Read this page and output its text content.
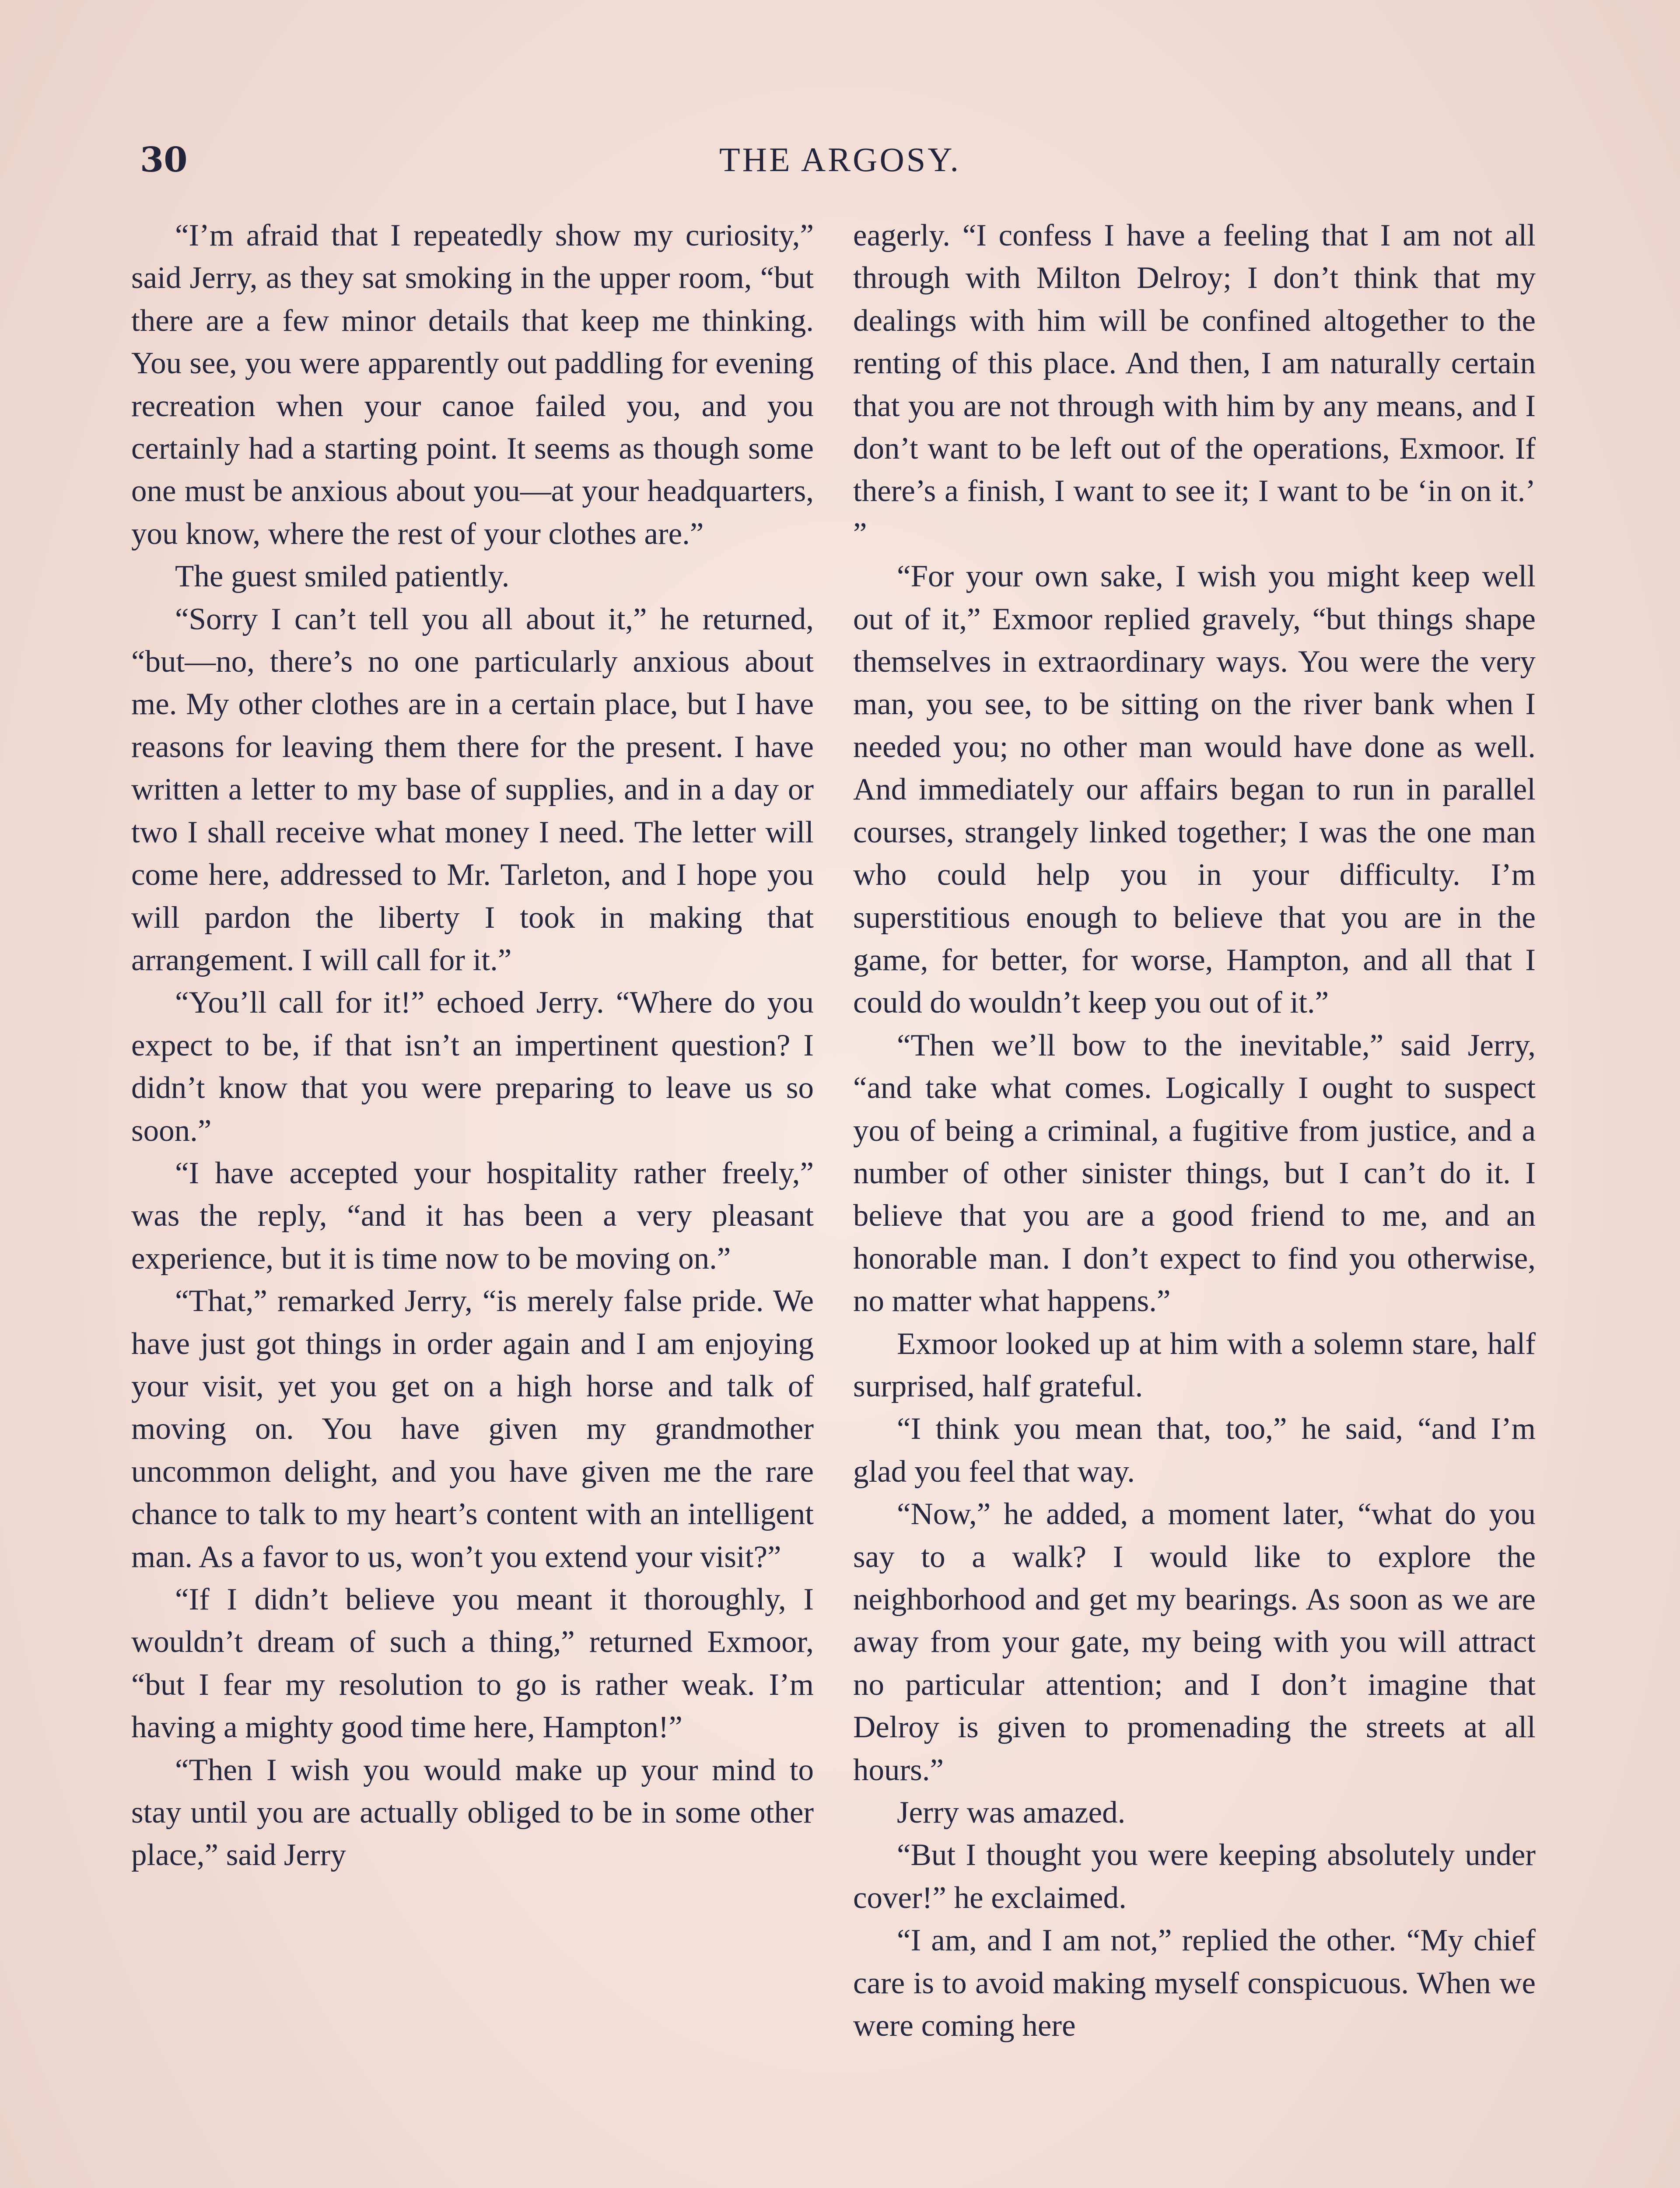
30	THE ARGOSY.

“I’m afraid that I repeatedly show my curiosity,” said Jerry, as they sat smoking in the upper room, “but there are a few minor details that keep me thinking. You see, you were apparently out paddling for evening recreation when your canoe failed you, and you certainly had a starting point. It seems as though some one must be anxious about you—at your headquarters, you know, where the rest of your clothes are.”

The guest smiled patiently.

“Sorry I can’t tell you all about it,” he returned, “but—no, there’s no one particularly anxious about me. My other clothes are in a certain place, but I have reasons for leaving them there for the present. I have written a letter to my base of supplies, and in a day or two I shall receive what money I need. The letter will come here, addressed to Mr. Tarleton, and I hope you will pardon the liberty I took in making that arrangement. I will call for it.”

“You’ll call for it!” echoed Jerry. “Where do you expect to be, if that isn’t an impertinent question? I didn’t know that you were preparing to leave us so soon.”

“I have accepted your hospitality rather freely,” was the reply, “and it has been a very pleasant experience, but it is time now to be moving on.”

“That,” remarked Jerry, “is merely false pride. We have just got things in order again and I am enjoying your visit, yet you get on a high horse and talk of moving on. You have given my grandmother uncommon delight, and you have given me the rare chance to talk to my heart’s content with an intelligent man. As a favor to us, won’t you extend your visit?”

“If I didn’t believe you meant it thoroughly, I wouldn’t dream of such a thing,” returned Exmoor, “but I fear my resolution to go is rather weak. I’m having a mighty good time here, Hampton!”

“Then I wish you would make up your mind to stay until you are actually obliged to be in some other place,” said Jerry

eagerly. “I confess I have a feeling that I am not all through with Milton Delroy; I don’t think that my dealings with him will be confined altogether to the renting of this place. And then, I am naturally certain that you are not through with him by any means, and I don’t want to be left out of the operations, Exmoor. If there’s a finish, I want to see it; I want to be ‘in on it.’ ”

“For your own sake, I wish you might keep well out of it,” Exmoor replied gravely, “but things shape themselves in extraordinary ways. You were the very man, you see, to be sitting on the river bank when I needed you; no other man would have done as well. And immediately our affairs began to run in parallel courses, strangely linked together; I was the one man who could help you in your difficulty. I’m superstitious enough to believe that you are in the game, for better, for worse, Hampton, and all that I could do wouldn’t keep you out of it.”

“Then we’ll bow to the inevitable,” said Jerry, “and take what comes. Logically I ought to suspect you of being a criminal, a fugitive from justice, and a number of other sinister things, but I can’t do it. I believe that you are a good friend to me, and an honorable man. I don’t expect to find you otherwise, no matter what happens.”

Exmoor looked up at him with a solemn stare, half surprised, half grateful.

“I think you mean that, too,” he said, “and I’m glad you feel that way.

“Now,” he added, a moment later, “what do you say to a walk? I would like to explore the neighborhood and get my bearings. As soon as we are away from your gate, my being with you will attract no particular attention; and I don’t imagine that Delroy is given to promenading the streets at all hours.”

Jerry was amazed.

“But I thought you were keeping absolutely under cover!” he exclaimed.

“I am, and I am not,” replied the other. “My chief care is to avoid making myself conspicuous. When we were coming here
